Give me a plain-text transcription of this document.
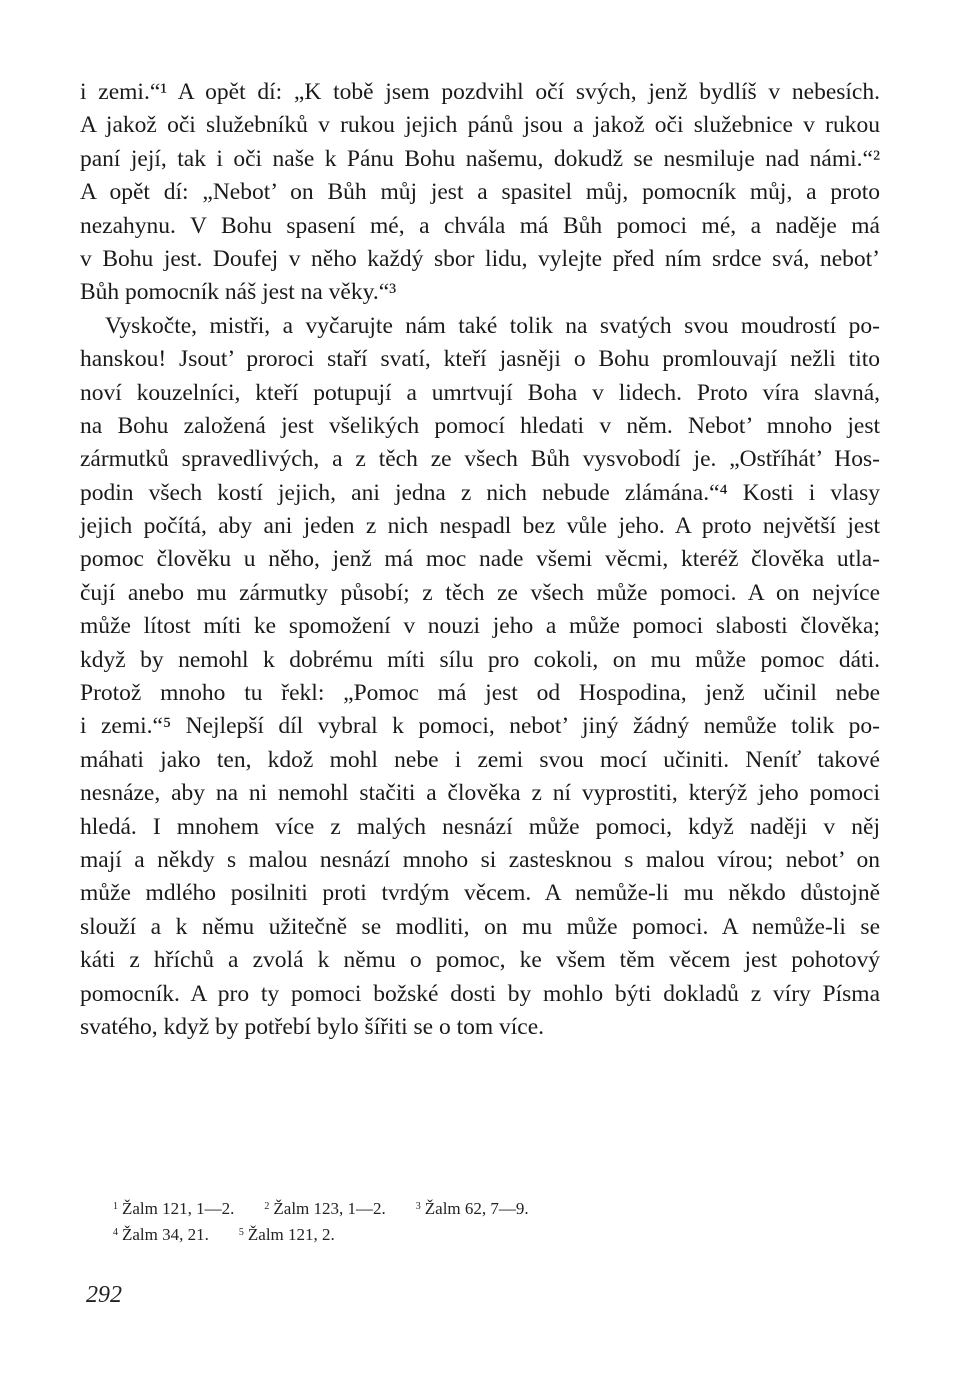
i zemi.“¹ A opět dí: „K tobě jsem pozdvihl očí svých, jenž bydlíš v nebesích.
A jakož oči služebníků v rukou jejich pánů jsou a jakož oči služebnice v rukou
paní její, tak i oči naše k Pánu Bohu našemu, dokudž se nesmiluje nad námi.“²
A opět dí: „Nebot’ on Bůh můj jest a spasitel můj, pomocník můj, a proto
nezahynu. V Bohu spasení mé, a chvála má Bůh pomoci mé, a naděje má
v Bohu jest. Doufej v něho každý sbor lidu, vylejte před ním srdce svá, nebot’
Bůh pomocník náš jest na věky.“³
Vyskočte, mistři, a vyčarujte nám také tolik na svatých svou moudrostí po-
hanskou! Jsout’ proroci staří svatí, kteří jasněji o Bohu promlouvají nežli tito
noví kouzelníci, kteří potupují a umrtvují Boha v lidech. Proto víra slavná,
na Bohu založená jest všelikých pomocí hledati v něm. Nebot’ mnoho jest
zármutků spravedlivých, a z těch ze všech Bůh vysvobodí je. „Ostříhát’ Hos-
podin všech kostí jejich, ani jedna z nich nebude zlámána.“⁴ Kosti i vlasy
jejich počítá, aby ani jeden z nich nespadl bez vůle jeho. A proto největší jest
pomoc člověku u něho, jenž má moc nade všemi věcmi, kteréž člověka utla-
čují anebo mu zármutky působí; z těch ze všech může pomoci. A on nejvíce
může lítost míti ke spomožení v nouzi jeho a může pomoci slabosti člověka;
když by nemohl k dobrému míti sílu pro cokoli, on mu může pomoc dáti.
Protož mnoho tu řekl: „Pomoc má jest od Hospodina, jenž učinil nebe
i zemi.“⁵ Nejlepší díl vybral k pomoci, nebot’ jiný žádný nemůže tolik po-
máhati jako ten, kdož mohl nebe i zemi svou mocí učiniti. Neníť takové
nesnáze, aby na ni nemohl stačiti a člověka z ní vyprostiti, kterýž jeho pomoci
hledá. I mnohem více z malých nesnází může pomoci, když naději v něj
mají a někdy s malou nesnází mnoho si zastesknou s malou vírou; nebot’ on
může mdlého posilniti proti tvrdým věcem. A nemůže-li mu někdo důstojně
slouží a k němu užitečně se modliti, on mu může pomoci. A nemůže-li se
káti z hříchů a zvolá k němu o pomoc, ke všem těm věcem jest pohotový
pomocník. A pro ty pomoci božské dosti by mohlo býti dokladů z víry Písma
svatého, když by potřebí bylo šířiti se o tom více.
$^1$ Žalm 121, 1—2.	$^2$ Žalm 123, 1—2.	$^3$ Žalm 62, 7—9.
$^4$ Žalm 34, 21.	$^5$ Žalm 121, 2.
292
